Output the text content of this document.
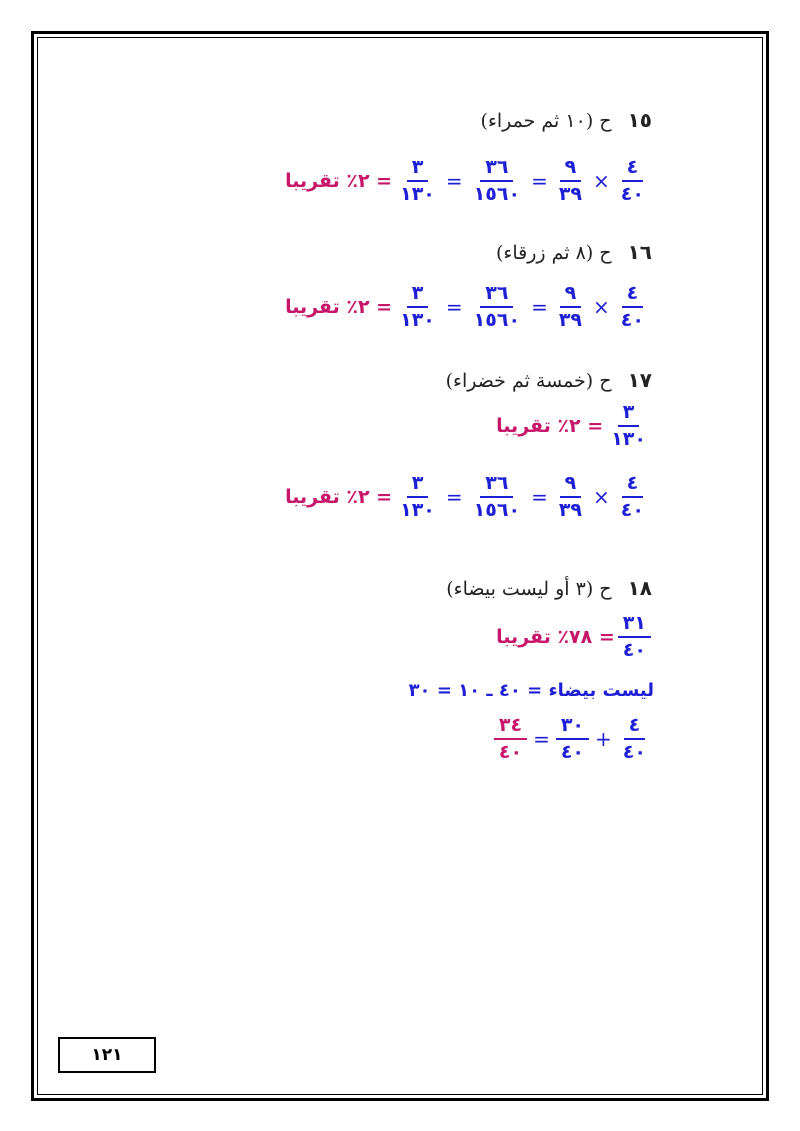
١٥ ح (١٠ ثم حمراء)
$\frac{٤}{٤٠}$
×
$\frac{٩}{٣٩}$
=
$\frac{٣٦}{١٥٦٠}$
=
$\frac{٣}{١٣٠}$
= ٢٪ تقريبا
١٦ ح (٨ ثم زرقاء)
$\frac{٤}{٤٠}$
×
$\frac{٩}{٣٩}$
=
$\frac{٣٦}{١٥٦٠}$
=
$\frac{٣}{١٣٠}$
= ٢٪ تقريبا
١٧ ح (خمسة ثم خضراء)
$\frac{٣}{١٣٠}$
= ٢٪ تقريبا
$\frac{٤}{٤٠}$
×
$\frac{٩}{٣٩}$
=
$\frac{٣٦}{١٥٦٠}$
=
$\frac{٣}{١٣٠}$
= ٢٪ تقريبا
١٨ ح (٣ أو ليست بيضاء)
$\frac{٣١}{٤٠}$
= ٧٨٪ تقريبا
ليست بيضاء = ٤٠ ـ ١٠ = ٣٠
$\frac{٤}{٤٠}$
+
$\frac{٣٠}{٤٠}$
=
$\frac{٣٤}{٤٠}$
١٢١
